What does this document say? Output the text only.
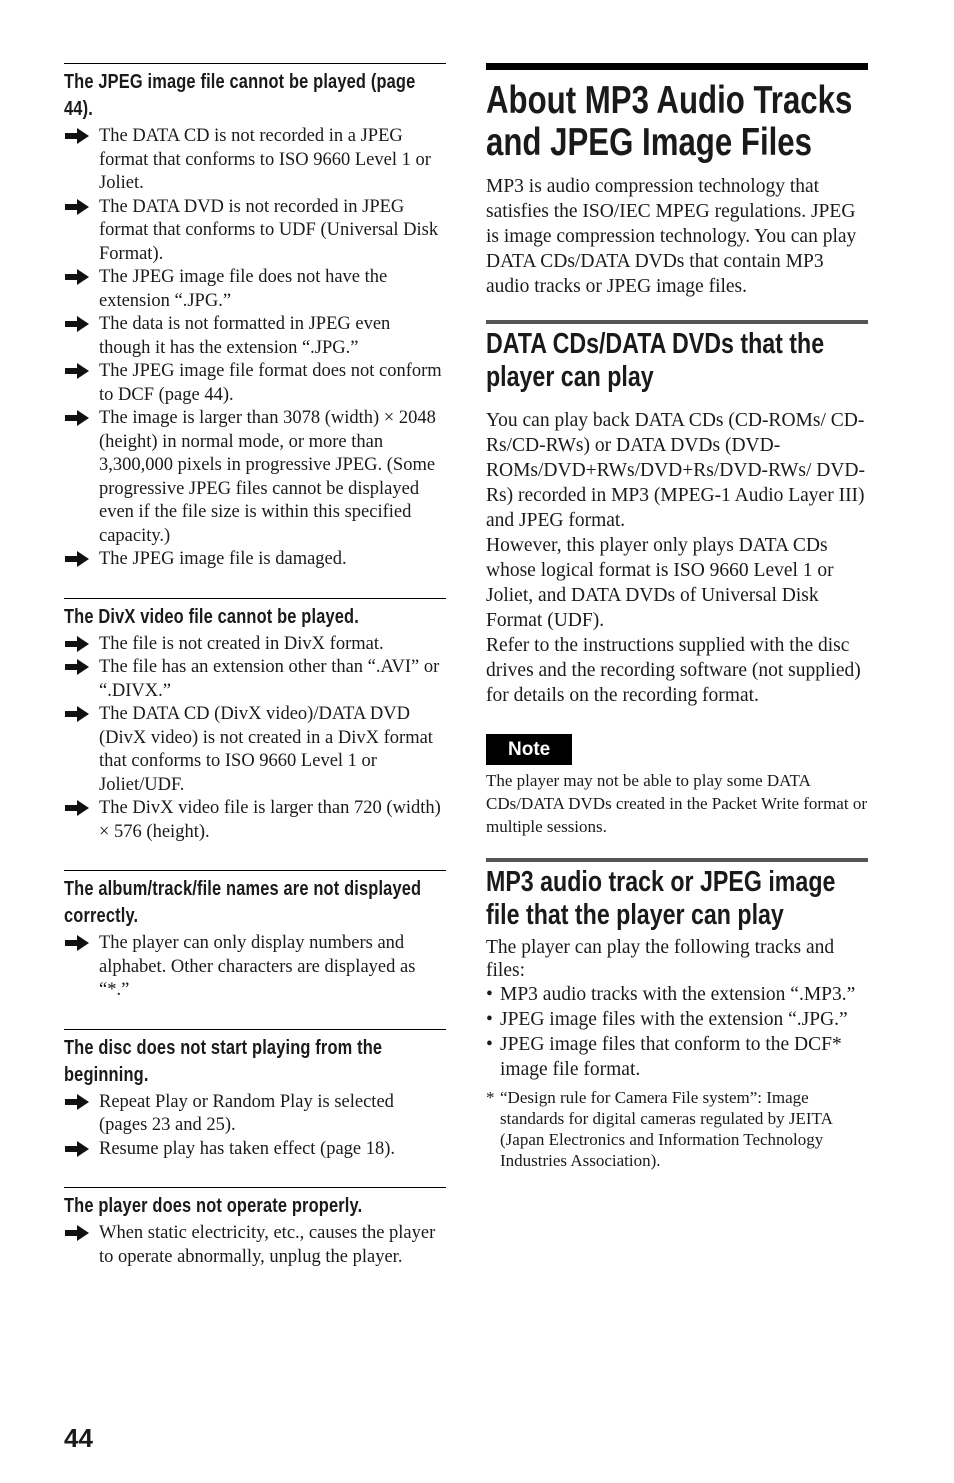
The JPEG image file cannot be played (page 44).
The DATA CD is not recorded in a JPEG format that conforms to ISO 9660 Level 1 or Joliet.
The DATA DVD is not recorded in JPEG format that conforms to UDF (Universal Disk Format).
The JPEG image file does not have the extension “.JPG.”
The data is not formatted in JPEG even though it has the extension “.JPG.”
The JPEG image file format does not conform to DCF (page 44).
The image is larger than 3078 (width) × 2048 (height) in normal mode, or more than 3,300,000 pixels in progressive JPEG. (Some progressive JPEG files cannot be displayed even if the file size is within this specified capacity.)
The JPEG image file is damaged.
The DivX video file cannot be played.
The file is not created in DivX format.
The file has an extension other than “.AVI” or “.DIVX.”
The DATA CD (DivX video)/DATA DVD (DivX video) is not created in a DivX format that conforms to ISO 9660 Level 1 or Joliet/UDF.
The DivX video file is larger than 720 (width) × 576 (height).
The album/track/file names are not displayed correctly.
The player can only display numbers and alphabet. Other characters are displayed as “*.”
The disc does not start playing from the beginning.
Repeat Play or Random Play is selected (pages 23 and 25).
Resume play has taken effect (page 18).
The player does not operate properly.
When static electricity, etc., causes the player to operate abnormally, unplug the player.
About MP3 Audio Tracks and JPEG Image Files

MP3 is audio compression technology that satisfies the ISO/IEC MPEG regulations. JPEG is image compression technology. You can play DATA CDs/DATA DVDs that contain MP3 audio tracks or JPEG image files.

DATA CDs/DATA DVDs that the player can play

You can play back DATA CDs (CD-ROMs/ CD-Rs/CD-RWs) or DATA DVDs (DVD-ROMs/DVD+RWs/DVD+Rs/DVD-RWs/ DVD-Rs) recorded in MP3 (MPEG-1 Audio Layer III) and JPEG format.

However, this player only plays DATA CDs whose logical format is ISO 9660 Level 1 or Joliet, and DATA DVDs of Universal Disk Format (UDF).

Refer to the instructions supplied with the disc drives and the recording software (not supplied) for details on the recording format.

Note

The player may not be able to play some DATA CDs/DATA DVDs created in the Packet Write format or multiple sessions.

MP3 audio track or JPEG image file that the player can play

The player can play the following tracks and files:

• MP3 audio tracks with the extension “.MP3.”
• JPEG image files with the extension “.JPG.”
• JPEG image files that conform to the DCF* image file format.
* “Design rule for Camera File system”: Image standards for digital cameras regulated by JEITA (Japan Electronics and Information Technology Industries Association).
44
